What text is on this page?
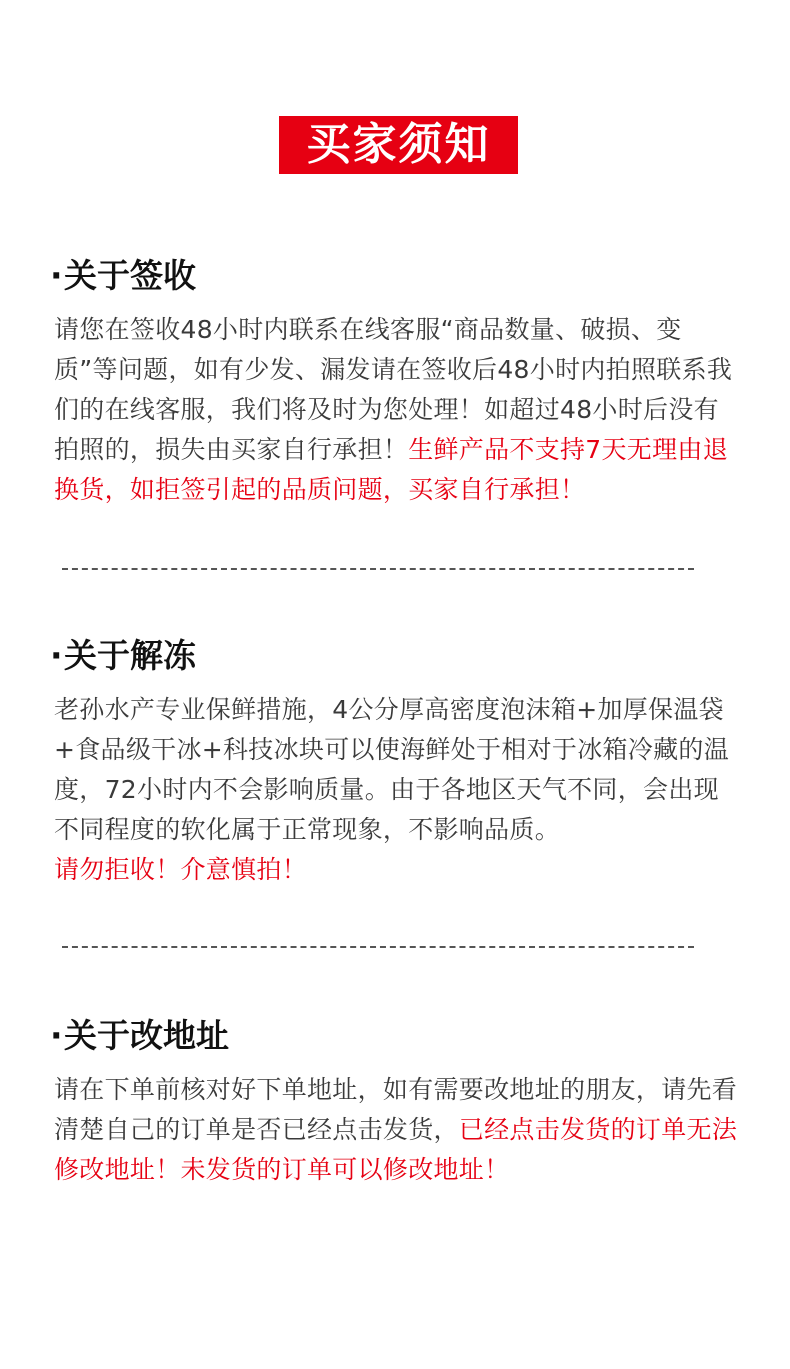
买家须知
·关于签收

请您在签收48小时内联系在线客服“商品数量、破损、变质”等问题，如有少发、漏发请在签收后48小时内拍照联系我们的在线客服，我们将及时为您处理！如超过48小时后没有拍照的，损失由买家自行承担！生鲜产品不支持7天无理由退换货，如拒签引起的品质问题，买家自行承担！

·关于解冻

老孙水产专业保鲜措施，4公分厚高密度泡沫箱+加厚保温袋+食品级干冰+科技冰块可以使海鲜处于相对于冰箱冷藏的温度，72小时内不会影响质量。由于各地区天气不同，会出现不同程度的软化属于正常现象，不影响品质。
请勿拒收！介意慎拍！

·关于改地址

请在下单前核对好下单地址，如有需要改地址的朋友，请先看清楚自己的订单是否已经点击发货，已经点击发货的订单无法修改地址！未发货的订单可以修改地址！
